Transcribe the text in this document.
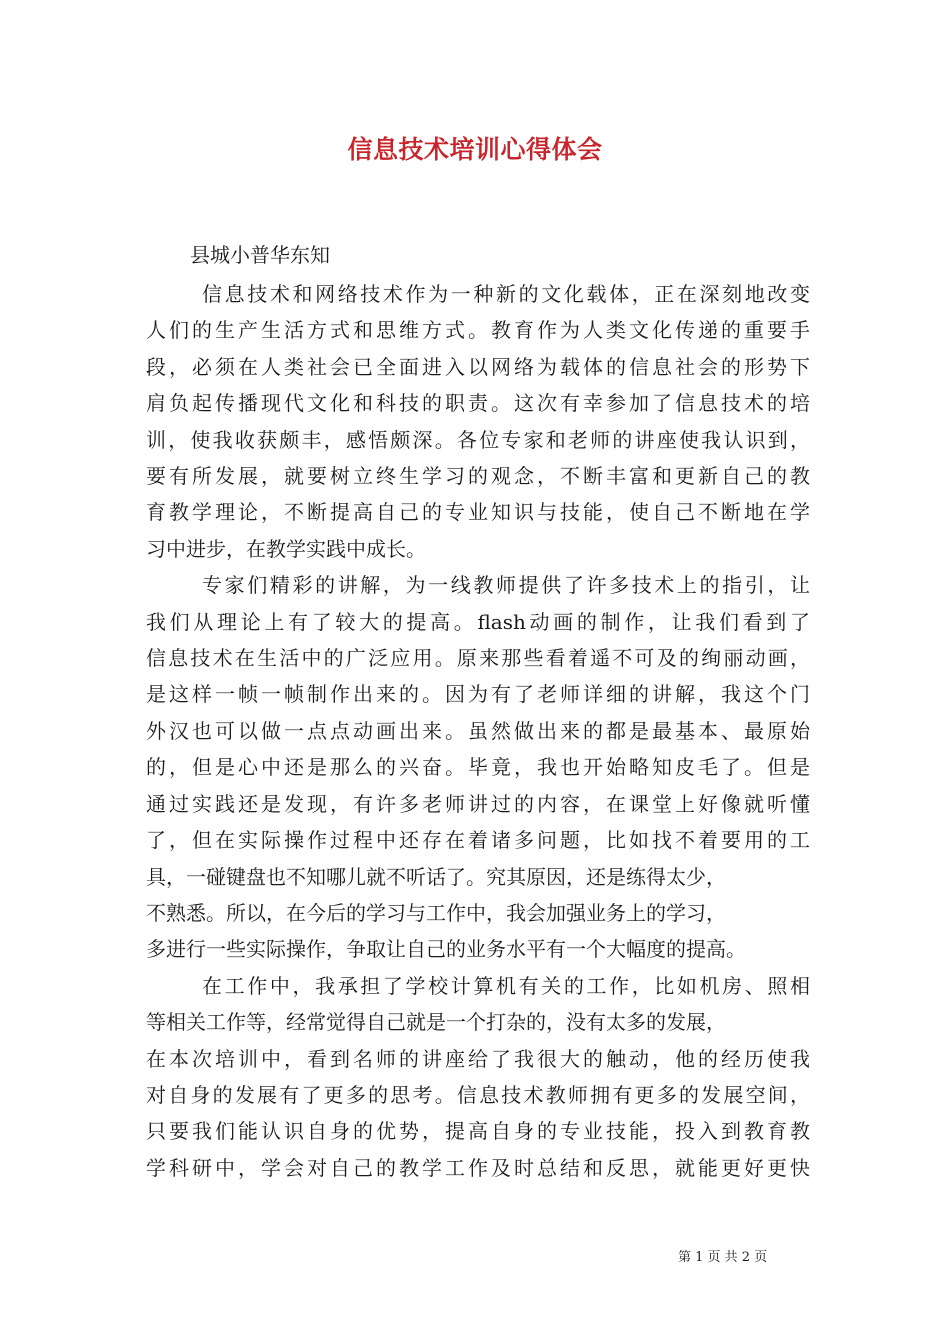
信息技术培训心得体会

县城小普华东知

信息技术和网络技术作为一种新的文化载体，正在深刻地改变
人们的生产生活方式和思维方式。教育作为人类文化传递的重要手
段，必须在人类社会已全面进入以网络为载体的信息社会的形势下
肩负起传播现代文化和科技的职责。这次有幸参加了信息技术的培
训，使我收获颇丰，感悟颇深。各位专家和老师的讲座使我认识到，
要有所发展，就要树立终生学习的观念，不断丰富和更新自己的教
育教学理论，不断提高自己的专业知识与技能，使自己不断地在学
习中进步，在教学实践中成长。
专家们精彩的讲解，为一线教师提供了许多技术上的指引，让
我们从理论上有了较大的提高。flash动画的制作，让我们看到了
信息技术在生活中的广泛应用。原来那些看着遥不可及的绚丽动画，
是这样一帧一帧制作出来的。因为有了老师详细的讲解，我这个门
外汉也可以做一点点动画出来。虽然做出来的都是最基本、最原始
的，但是心中还是那么的兴奋。毕竟，我也开始略知皮毛了。但是
通过实践还是发现，有许多老师讲过的内容，在课堂上好像就听懂
了，但在实际操作过程中还存在着诸多问题，比如找不着要用的工
具，一碰键盘也不知哪儿就不听话了。究其原因，还是练得太少，
不熟悉。所以，在今后的学习与工作中，我会加强业务上的学习，
多进行一些实际操作，争取让自己的业务水平有一个大幅度的提高。
在工作中，我承担了学校计算机有关的工作，比如机房、照相
等相关工作等，经常觉得自己就是一个打杂的，没有太多的发展，
在本次培训中，看到名师的讲座给了我很大的触动，他的经历使我
对自身的发展有了更多的思考。信息技术教师拥有更多的发展空间，
只要我们能认识自身的优势，提高自身的专业技能，投入到教育教
学科研中，学会对自己的教学工作及时总结和反思，就能更好更快
第 1 页 共 2 页
